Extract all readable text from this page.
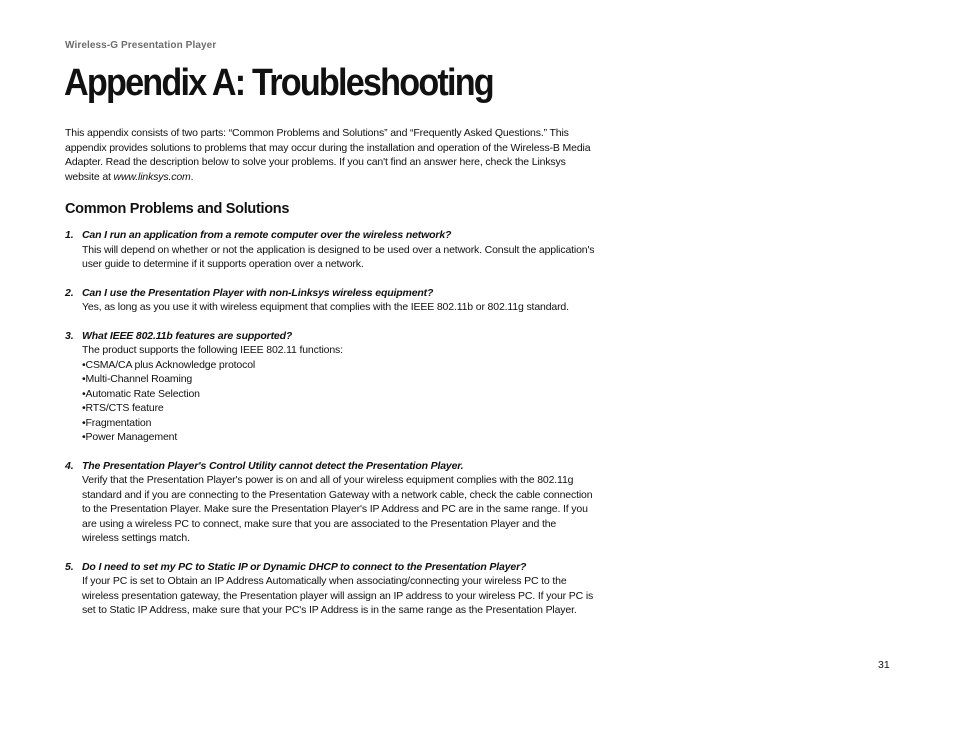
Wireless-G Presentation Player
Appendix A: Troubleshooting

This appendix consists of two parts: “Common Problems and Solutions” and “Frequently Asked Questions.” This appendix provides solutions to problems that may occur during the installation and operation of the Wireless-B Media Adapter. Read the description below to solve your problems. If you can't find an answer here, check the Linksys website at www.linksys.com.

Common Problems and Solutions
1. Can I run an application from a remote computer over the wireless network?
This will depend on whether or not the application is designed to be used over a network. Consult the application's user guide to determine if it supports operation over a network.
2. Can I use the Presentation Player with non-Linksys wireless equipment?
Yes, as long as you use it with wireless equipment that complies with the IEEE 802.11b or 802.11g standard.
3. What IEEE 802.11b features are supported?
The product supports the following IEEE 802.11 functions:
•CSMA/CA plus Acknowledge protocol
•Multi-Channel Roaming
•Automatic Rate Selection
•RTS/CTS feature
•Fragmentation
•Power Management
4. The Presentation Player's Control Utility cannot detect the Presentation Player.
Verify that the Presentation Player's power is on and all of your wireless equipment complies with the 802.11g standard and if you are connecting to the Presentation Gateway with a network cable, check the cable connection to the Presentation Player. Make sure the Presentation Player's IP Address and PC are in the same range. If you are using a wireless PC to connect, make sure that you are associated to the Presentation Player and the wireless settings match.
5. Do I need to set my PC to Static IP or Dynamic DHCP to connect to the Presentation Player?
If your PC is set to Obtain an IP Address Automatically when associating/connecting your wireless PC to the wireless presentation gateway, the Presentation player will assign an IP address to your wireless PC. If your PC is set to Static IP Address, make sure that your PC's IP Address is in the same range as the Presentation Player.
31
